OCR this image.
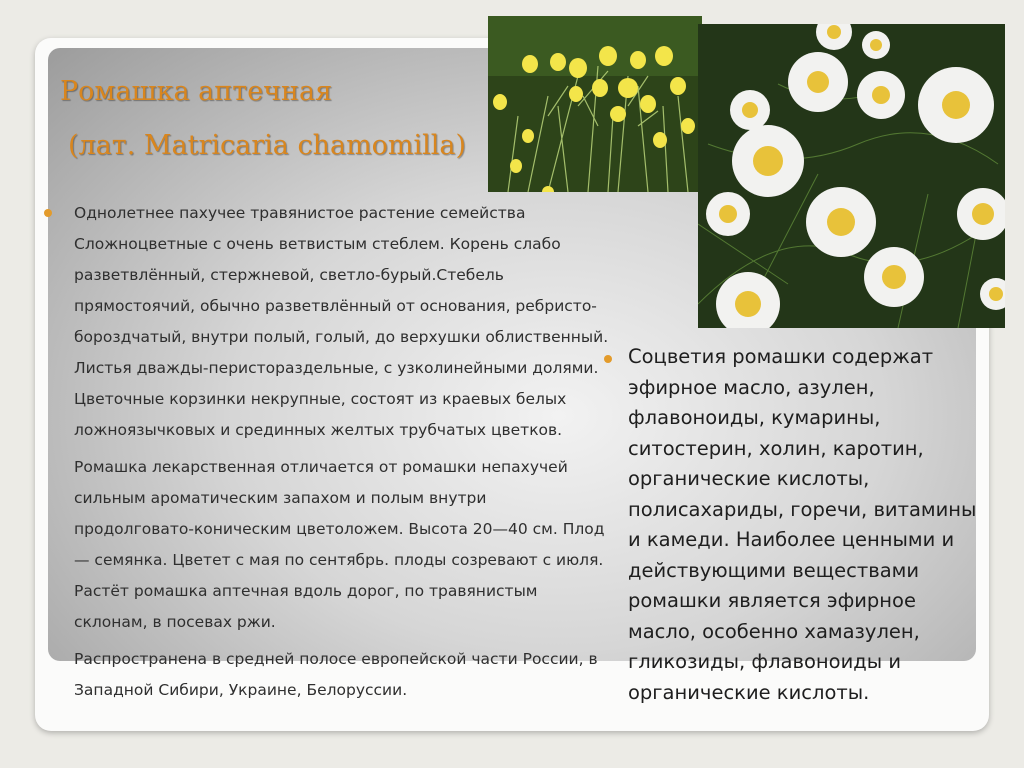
Ромашка аптечная
(лат. Matricaria chamomilla)

Однолетнее пахучее травянистое растение семейства Сложноцветные с очень ветвистым стеблем. Корень слабо разветвлённый, стержневой, светло-бурый.Стебель прямостоячий, обычно разветвлённый от основания, ребристо-бороздчатый, внутри полый, голый, до верхушки облиственный. Листья дважды-перистораздельные, с узколинейными долями. Цветочные корзинки некрупные, состоят из краевых белых ложноязычковых и срединных желтых трубчатых цветков.

Ромашка лекарственная отличается от ромашки непахучей сильным ароматическим запахом и полым внутри продолговато-коническим цветоложем. Высота 20—40 см. Плод — семянка. Цветет с мая по сентябрь. плоды созревают с июля. Растёт ромашка аптечная вдоль дорог, по травянистым склонам, в посевах ржи.

Распространена в средней полосе европейской части России, в Западной Сибири, Украине, Белоруссии.

Соцветия ромашки содержат эфирное масло, азулен, флавоноиды, кумарины, ситостерин, холин, каротин, органические кислоты, полисахариды, горечи, витамины и камеди. Наиболее ценными и действующими веществами ромашки является эфирное масло, особенно хамазулен, гликозиды, флавоноиды и органические кислоты.
